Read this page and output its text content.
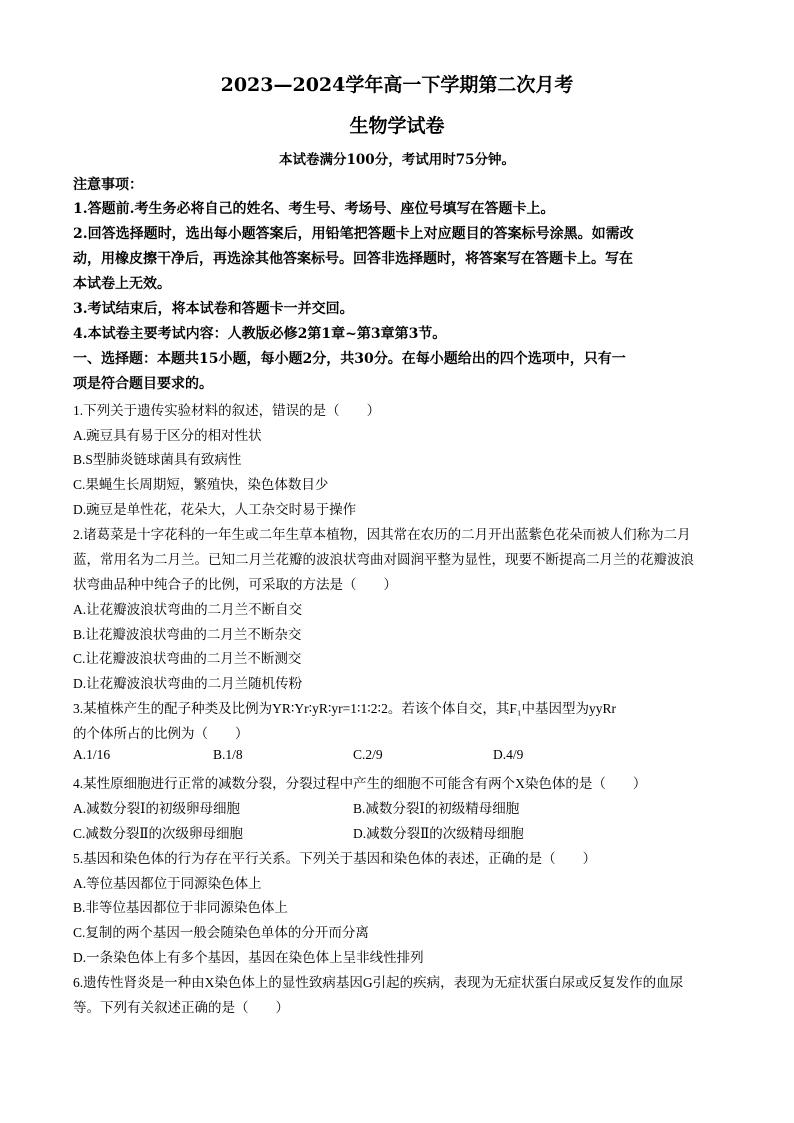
2023—2024学年高一下学期第二次月考
生物学试卷
本试卷满分100分，考试用时75分钟。
注意事项：
1.答题前.考生务必将自己的姓名、考生号、考场号、座位号填写在答题卡上。
2.回答选择题时，选出每小题答案后，用铅笔把答题卡上对应题目的答案标号涂黑。如需改
动，用橡皮擦干净后，再选涂其他答案标号。回答非选择题时，将答案写在答题卡上。写在
本试卷上无效。
3.考试结束后，将本试卷和答题卡一并交回。
4.本试卷主要考试内容：人教版必修2第1章~第3章第3节。
一、选择题：本题共15小题，每小题2分，共30分。在每小题给出的四个选项中，只有一
项是符合题目要求的。
1.下列关于遗传实验材料的叙述，错误的是（　　）
A.豌豆具有易于区分的相对性状
B.S型肺炎链球菌具有致病性
C.果蝇生长周期短，繁殖快，染色体数目少
D.豌豆是单性花，花朵大，人工杂交时易于操作
2.诸葛菜是十字花科的一年生或二年生草本植物，因其常在农历的二月开出蓝紫色花朵而被人们称为二月
蓝，常用名为二月兰。已知二月兰花瓣的波浪状弯曲对圆润平整为显性，现要不断提高二月兰的花瓣波浪
状弯曲品种中纯合子的比例，可采取的方法是（　　）
A.让花瓣波浪状弯曲的二月兰不断自交
B.让花瓣波浪状弯曲的二月兰不断杂交
C.让花瓣波浪状弯曲的二月兰不断测交
D.让花瓣波浪状弯曲的二月兰随机传粉
3.某植株产生的配子种类及比例为YR∶Yr∶yR∶yr=1∶1∶2∶2。若该个体自交，其F₁中基因型为yyRr
的个体所占的比例为（　　）
A.1/16	B.1/8	C.2/9	D.4/9
4.某性原细胞进行正常的减数分裂，分裂过程中产生的细胞不可能含有两个X染色体的是（　　）
A.减数分裂Ⅰ的初级卵母细胞	B.减数分裂Ⅰ的初级精母细胞
C.减数分裂Ⅱ的次级卵母细胞	D.减数分裂Ⅱ的次级精母细胞
5.基因和染色体的行为存在平行关系。下列关于基因和染色体的表述，正确的是（　　）
A.等位基因都位于同源染色体上
B.非等位基因都位于非同源染色体上
C.复制的两个基因一般会随染色单体的分开而分离
D.一条染色体上有多个基因，基因在染色体上呈非线性排列
6.遗传性肾炎是一种由X染色体上的显性致病基因G引起的疾病，表现为无症状蛋白尿或反复发作的血尿
等。下列有关叙述正确的是（　　）
